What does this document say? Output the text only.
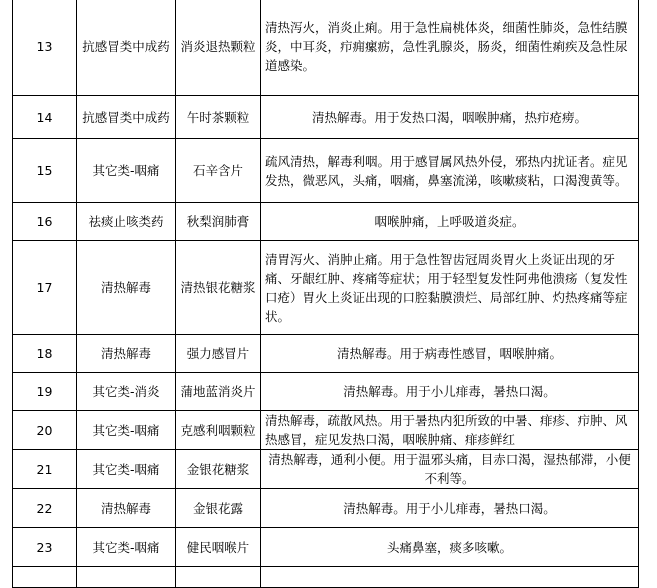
13	抗感冒类中成药	消炎退热颗粒	清热泻火，消炎止痢。用于急性扁桃体炎，细菌性肺炎，急性结膜炎，中耳炎，疖痈瘰疬，急性乳腺炎，肠炎，细菌性痢疾及急性尿道感染。
14	抗感冒类中成药	午时茶颗粒	清热解毒。用于发热口渴，咽喉肿痛，热疖疮痨。
15	其它类-咽痛	石辛含片	疏风清热，解毒利咽。用于感冒属风热外侵，邪热内扰证者。症见发热，微恶风，头痛，咽痛，鼻塞流涕，咳嗽痰粘，口渴溲黄等。
16	祛痰止咳类药	秋梨润肺膏	咽喉肿痛，上呼吸道炎症。
17	清热解毒	清热银花糖浆	清胃泻火、消肿止痛。用于急性智齿冠周炎胃火上炎证出现的牙痛、牙龈红肿、疼痛等症状；用于轻型复发性阿弗他溃疡（复发性口疮）胃火上炎证出现的口腔黏膜溃烂、局部红肿、灼热疼痛等症状。
18	清热解毒	强力感冒片	清热解毒。用于病毒性感冒，咽喉肿痛。
19	其它类-消炎	蒲地蓝消炎片	清热解毒。用于小儿痱毒，暑热口渴。
20	其它类-咽痛	克感利咽颗粒	清热解毒，疏散风热。用于暑热内犯所致的中暑、痱疹、疖肿、风热感冒，症见发热口渴，咽喉肿痛、痱疹鲜红

21	其它类-咽痛	金银花糖浆	清热解毒，通利小便。用于温邪头痛，目赤口渴，湿热郁滞，小便不利等。
22	清热解毒	金银花露	清热解毒。用于小儿痱毒，暑热口渴。
23	其它类-咽痛	健民咽喉片	头痛鼻塞，痰多咳嗽。
